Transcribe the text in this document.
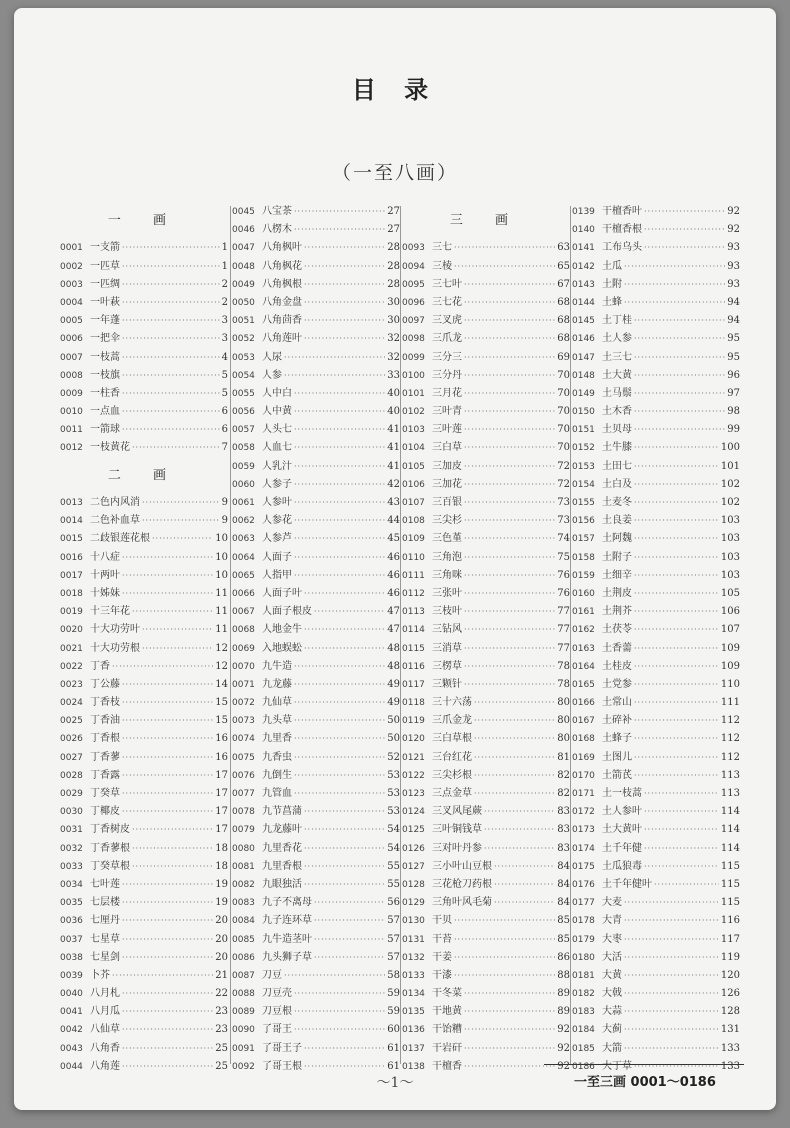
目 录
（一至八画）
一 画
0001 一支箭 ·····	1
0002 一匹草 ·····	1
0003 一匹绸 ·····	2
0004 一叶萩 ·····	2
0005 一年蓬 ·····	3
0006 一把伞 ·····	3
0007 一枝蒿 ·····	4
0008 一枝旗 ·····	5
0009 一柱香 ·····	5
0010 一点血 ·····	6
0011 一箭球 ·····	6
0012 一枝黄花 ·····	7
二 画
0013 二色内风消 ·····	9
0014 二色补血草 ·····	9
0015 二歧银莲花根 ·····	10
0016 十八症 ·····	10
0017 十两叶 ·····	10
0018 十姊妹 ·····	11
0019 十三年花 ·····	11
0020 十大功劳叶 ·····	11
0021 十大功劳根 ·····	12
0022 丁香 ·····	12
0023 丁公藤 ·····	14
0024 丁香枝 ·····	15
0025 丁香油 ·····	15
0026 丁香根 ·····	16
0027 丁香蓼 ·····	16
0028 丁香露 ·····	17
0029 丁癸草 ·····	17
0030 丁椰皮 ·····	17
0031 丁香树皮 ·····	17
0032 丁香蓼根 ·····	18
0033 丁癸草根 ·····	18
0034 七叶莲 ·····	19
0035 七层楼 ·····	19
0036 七厘丹 ·····	20
0037 七星草 ·····	20
0038 七星剑 ·····	20
0039 卜芥 ·····	21
0040 八月札 ·····	22
0041 八月瓜 ·····	23
0042 八仙草 ·····	23
0043 八角香 ·····	25
0044 八角莲 ·····	25
0045 八宝茶 ·····	27
0046 八楞木 ·····	27
0047 八角枫叶 ·····	28
0048 八角枫花 ·····	28
0049 八角枫根 ·····	28
0050 八角金盘 ·····	30
0051 八角茴香 ·····	30
0052 八角莲叶 ·····	32
0053 人尿 ·····	32
0054 人参 ·····	33
0055 人中白 ·····	40
0056 人中黄 ·····	40
0057 人头七 ·····	41
0058 人血七 ·····	41
0059 人乳汁 ·····	41
0060 人参子 ·····	42
0061 人参叶 ·····	43
0062 人参花 ·····	44
0063 人参芦 ·····	45
0064 人面子 ·····	46
0065 人指甲 ·····	46
0066 人面子叶 ·····	46
0067 人面子根皮 ·····	47
0068 人地金牛 ·····	47
0069 入地蜈蚣 ·····	48
0070 九牛造 ·····	48
0071 九龙藤 ·····	49
0072 九仙草 ·····	49
0073 九头草 ·····	50
0074 九里香 ·····	50
0075 九香虫 ·····	52
0076 九倒生 ·····	53
0077 九管血 ·····	53
0078 九节菖蒲 ·····	53
0079 九龙藤叶 ·····	54
0080 九里香花 ·····	54
0081 九里香根 ·····	55
0082 九眼独活 ·····	55
0083 九子不离母 ·····	56
0084 九子连环草 ·····	57
0085 九牛造茎叶 ·····	57
0086 九头狮子草 ·····	57
0087 刀豆 ·····	58
0088 刀豆壳 ·····	59
0089 刀豆根 ·····	59
0090 了哥王 ·····	60
0091 了哥王子 ·····	61
0092 了哥王根 ·····	61
三 画
0093 三七 ·····	63
0094 三棱 ·····	65
0095 三七叶 ·····	67
0096 三七花 ·····	68
0097 三叉虎 ·····	68
0098 三爪龙 ·····	68
0099 三分三 ·····	69
0100 三分丹 ·····	70
0101 三月花 ·····	70
0102 三叶青 ·····	70
0103 三叶莲 ·····	70
0104 三白草 ·····	70
0105 三加皮 ·····	72
0106 三加花 ·····	72
0107 三百银 ·····	73
0108 三尖杉 ·····	73
0109 三色堇 ·····	74
0110 三角泡 ·····	75
0111 三角咪 ·····	76
0112 三张叶 ·····	76
0113 三枝叶 ·····	77
0114 三钻风 ·····	77
0115 三消草 ·····	77
0116 三楞草 ·····	78
0117 三颗针 ·····	78
0118 三十六荡 ·····	80
0119 三爪金龙 ·····	80
0120 三白草根 ·····	80
0121 三台红花 ·····	81
0122 三尖杉根 ·····	82
0123 三点金草 ·····	82
0124 三叉风尾蕨 ·····	83
0125 三叶铜钱草 ·····	83
0126 三对叶丹参 ·····	83
0127 三小叶山豆根 ·····	84
0128 三花枪刀药根 ·····	84
0129 三角叶风毛菊 ·····	84
0130 干贝 ·····	85
0131 干苔 ·····	85
0132 干姜 ·····	86
0133 干漆 ·····	88
0134 干冬菜 ·····	89
0135 干地黄 ·····	89
0136 干饴糟 ·····	92
0137 干岩矸 ·····	92
0138 干檀香 ·····	92
0139 干檀香叶 ·····	92
0140 干檀香根 ·····	92
0141 工布乌头 ·····	93
0142 土瓜 ·····	93
0143 土附 ·····	93
0144 土蜂 ·····	94
0145 土丁桂 ·····	94
0146 土人参 ·····	95
0147 土三七 ·····	95
0148 土大黄 ·····	96
0149 土马鬃 ·····	97
0150 土木香 ·····	98
0151 土贝母 ·····	99
0152 土牛膝 ·····	100
0153 土田七 ·····	101
0154 土白及 ·····	102
0155 土麦冬 ·····	102
0156 土良姜 ·····	103
0157 土阿魏 ·····	103
0158 土附子 ·····	103
0159 土细辛 ·····	103
0160 土荆皮 ·····	105
0161 土荆芥 ·····	106
0162 土茯苓 ·····	107
0163 土香薷 ·····	109
0164 土桂皮 ·····	109
0165 土党参 ·····	110
0166 土常山 ·····	111
0167 土碎补 ·····	112
0168 土蜂子 ·····	112
0169 土图儿 ·····	112
0170 土箭芪 ·····	113
0171 土一枝蒿 ·····	113
0172 土人参叶 ·····	114
0173 土大黄叶 ·····	114
0174 土千年健 ·····	114
0175 土瓜狼毒 ·····	115
0176 土千年健叶 ·····	115
0177 大麦 ·····	115
0178 大青 ·····	116
0179 大枣 ·····	117
0180 大活 ·····	119
0181 大黄 ·····	120
0182 大戟 ·····	126
0183 大蒜 ·····	128
0184 大蓟 ·····	131
0185 大箭 ·····	133
0186 大丁草 ·····	133
～1～	一至三画 0001～0186
